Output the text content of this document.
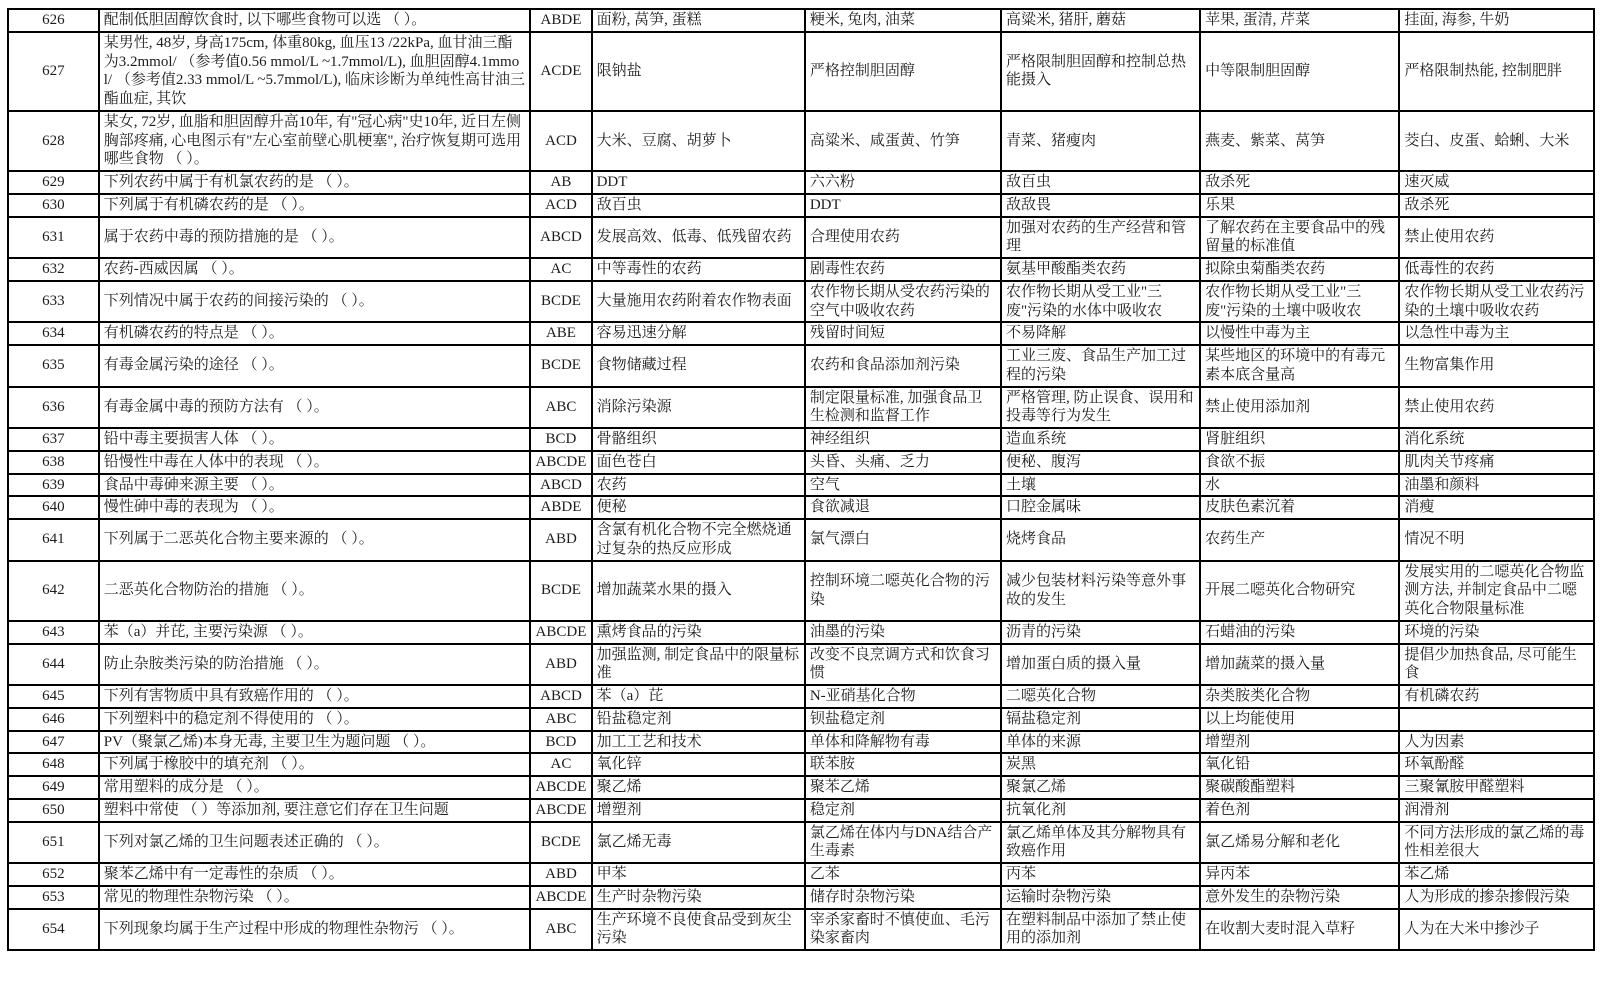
626	配制低胆固醇饮食时, 以下哪些食物可以选 （ ）。	ABDE	面粉, 莴笋, 蛋糕	粳米, 兔肉, 油菜	高粱米, 猪肝, 蘑菇	苹果, 蛋清, 芹菜	挂面, 海参, 牛奶
627	某男性, 48岁, 身高175cm, 体重80kg, 血压13 /22kPa, 血甘油三酯为3.2mmol/ （参考值0.56 mmol/L ~1.7mmol/L), 血胆固醇4.1mmol/ （参考值2.33 mmol/L ~5.7mmol/L), 临床诊断为单纯性高甘油三酯血症, 其饮	ACDE	限钠盐	严格控制胆固醇	严格限制胆固醇和控制总热能摄入	中等限制胆固醇	严格限制热能, 控制肥胖
628	某女, 72岁, 血脂和胆固醇升高10年, 有"冠心病"史10年, 近日左侧胸部疼痛, 心电图示有"左心室前壁心肌梗塞", 治疗恢复期可选用哪些食物 （ ）。	ACD	大米、豆腐、胡萝卜	高粱米、咸蛋黄、竹笋	青菜、猪瘦肉	燕麦、紫菜、莴笋	茭白、皮蛋、蛤蜊、大米
629	下列农药中属于有机氯农药的是 （ ）。	AB	DDT	六六粉	敌百虫	敌杀死	速灭威
630	下列属于有机磷农药的是 （ ）。	ACD	敌百虫	DDT	敌敌畏	乐果	敌杀死
631	属于农药中毒的预防措施的是 （ ）。	ABCD	发展高效、低毒、低残留农药	合理使用农药	加强对农药的生产经营和管理	了解农药在主要食品中的残留量的标准值	禁止使用农药
632	农药-西威因属 （ ）。	AC	中等毒性的农药	剧毒性农药	氨基甲酸酯类农药	拟除虫菊酯类农药	低毒性的农药
633	下列情况中属于农药的间接污染的 （ ）。	BCDE	大量施用农药附着农作物表面	农作物长期从受农药污染的空气中吸收农药	农作物长期从受工业"三废"污染的水体中吸收农	农作物长期从受工业"三废"污染的土壤中吸收农	农作物长期从受工业农药污染的土壤中吸收农药
634	有机磷农药的特点是 （ ）。	ABE	容易迅速分解	残留时间短	不易降解	以慢性中毒为主	以急性中毒为主
635	有毒金属污染的途径 （ ）。	BCDE	食物储藏过程	农药和食品添加剂污染	工业三废、食品生产加工过程的污染	某些地区的环境中的有毒元素本底含量高	生物富集作用
636	有毒金属中毒的预防方法有 （ ）。	ABC	消除污染源	制定限量标准, 加强食品卫生检测和监督工作	严格管理, 防止误食、误用和投毒等行为发生	禁止使用添加剂	禁止使用农药
637	铅中毒主要损害人体 （ ）。	BCD	骨骼组织	神经组织	造血系统	肾脏组织	消化系统
638	铅慢性中毒在人体中的表现 （ ）。	ABCDE	面色苍白	头昏、头痛、乏力	便秘、腹泻	食欲不振	肌肉关节疼痛
639	食品中毒砷来源主要 （ ）。	ABCD	农药	空气	土壤	水	油墨和颜料
640	慢性砷中毒的表现为 （ ）。	ABDE	便秘	食欲减退	口腔金属味	皮肤色素沉着	消瘦
641	下列属于二恶英化合物主要来源的 （ ）。	ABD	含氯有机化合物不完全燃烧通过复杂的热反应形成	氯气漂白	烧烤食品	农药生产	情况不明
642	二恶英化合物防治的措施 （ ）。	BCDE	增加蔬菜水果的摄入	控制环境二噁英化合物的污染	减少包装材料污染等意外事故的发生	开展二噁英化合物研究	发展实用的二噁英化合物监测方法, 并制定食品中二噁英化合物限量标准
643	苯（a）并芘, 主要污染源 （ ）。	ABCDE	熏烤食品的污染	油墨的污染	沥青的污染	石蜡油的污染	环境的污染
644	防止杂胺类污染的防治措施 （ ）。	ABD	加强监测, 制定食品中的限量标准	改变不良烹调方式和饮食习惯	增加蛋白质的摄入量	增加蔬菜的摄入量	提倡少加热食品, 尽可能生食
645	下列有害物质中具有致癌作用的 （ ）。	ABCD	苯（a）芘	N-亚硝基化合物	二噁英化合物	杂类胺类化合物	有机磷农药
646	下列塑料中的稳定剂不得使用的 （ ）。	ABC	铅盐稳定剂	钡盐稳定剂	镉盐稳定剂	以上均能使用	
647	PV（聚氯乙烯)本身无毒, 主要卫生为题问题 （ ）。	BCD	加工工艺和技术	单体和降解物有毒	单体的来源	增塑剂	人为因素
648	下列属于橡胶中的填充剂 （ ）。	AC	氧化锌	联苯胺	炭黑	氧化铅	环氧酚醛
649	常用塑料的成分是 （ ）。	ABCDE	聚乙烯	聚苯乙烯	聚氯乙烯	聚碳酸酯塑料	三聚氰胺甲醛塑料
650	塑料中常使 （ ）等添加剂, 要注意它们存在卫生问题	ABCDE	增塑剂	稳定剂	抗氧化剂	着色剂	润滑剂
651	下列对氯乙烯的卫生问题表述正确的 （ ）。	BCDE	氯乙烯无毒	氯乙烯在体内与DNA结合产生毒素	氯乙烯单体及其分解物具有致癌作用	氯乙烯易分解和老化	不同方法形成的氯乙烯的毒性相差很大
652	聚苯乙烯中有一定毒性的杂质 （ ）。	ABD	甲苯	乙苯	丙苯	异丙苯	苯乙烯
653	常见的物理性杂物污染 （ ）。	ABCDE	生产时杂物污染	储存时杂物污染	运输时杂物污染	意外发生的杂物污染	人为形成的掺杂掺假污染
654	下列现象均属于生产过程中形成的物理性杂物污 （ ）。	ABC	生产环境不良使食品受到灰尘污染	宰杀家畜时不慎使血、毛污染家畜肉	在塑料制品中添加了禁止使用的添加剂	在收割大麦时混入草籽	人为在大米中掺沙子
